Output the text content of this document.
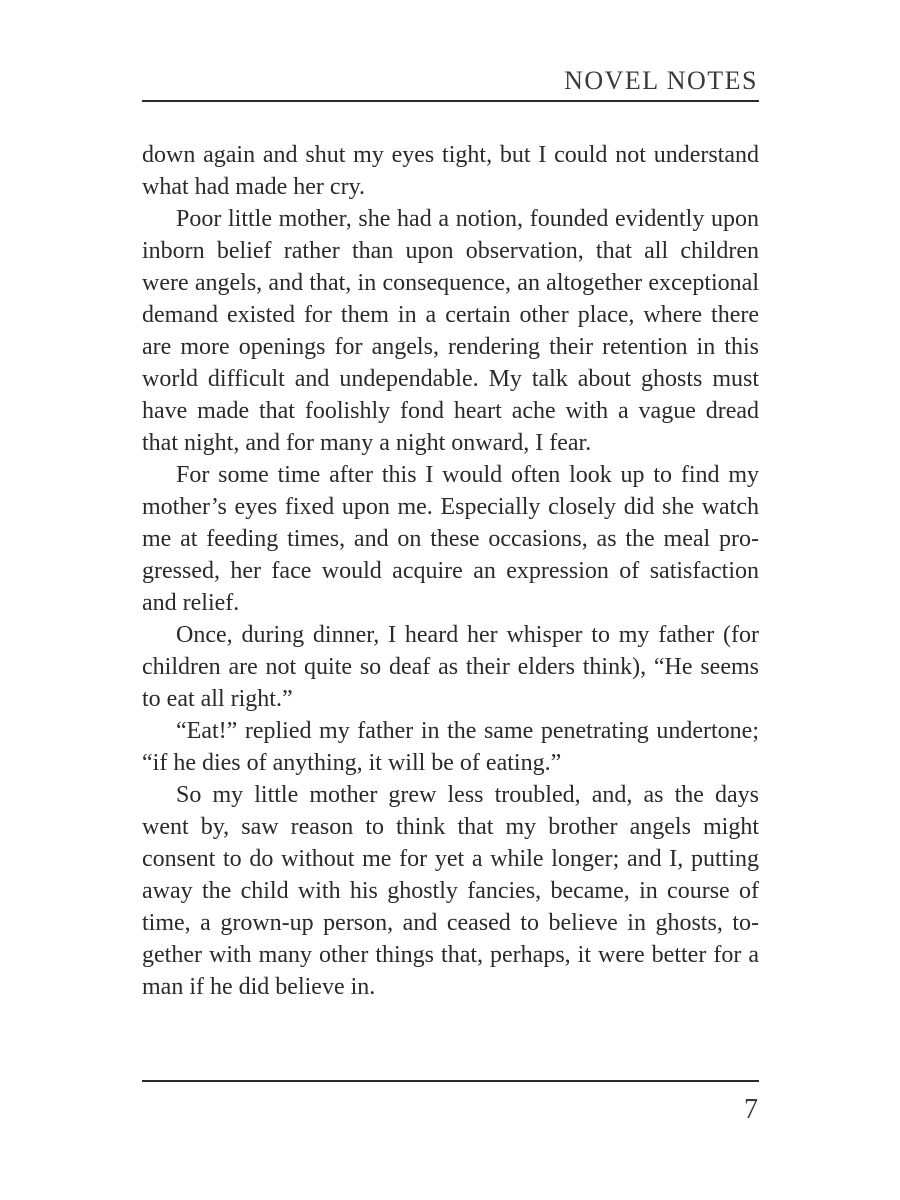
NOVEL NOTES

down again and shut my eyes tight, but I could not understand what had made her cry.

Poor little mother, she had a notion, founded evidently upon inborn belief rather than upon observation, that all children were angels, and that, in consequence, an altogether exceptional demand existed for them in a certain other place, where there are more openings for angels, rendering their retention in this world difficult and undependable. My talk about ghosts must have made that foolishly fond heart ache with a vague dread that night, and for many a night onward, I fear.

For some time after this I would often look up to find my mother’s eyes fixed upon me. Especially closely did she watch me at feeding times, and on these occasions, as the meal progressed, her face would acquire an expression of satisfaction and relief.

Once, during dinner, I heard her whisper to my father (for children are not quite so deaf as their elders think), “He seems to eat all right.”

“Eat!” replied my father in the same penetrating undertone; “if he dies of anything, it will be of eating.”

So my little mother grew less troubled, and, as the days went by, saw reason to think that my brother angels might consent to do without me for yet a while longer; and I, putting away the child with his ghostly fancies, became, in course of time, a grown-up person, and ceased to believe in ghosts, together with many other things that, perhaps, it were better for a man if he did believe in.

7
